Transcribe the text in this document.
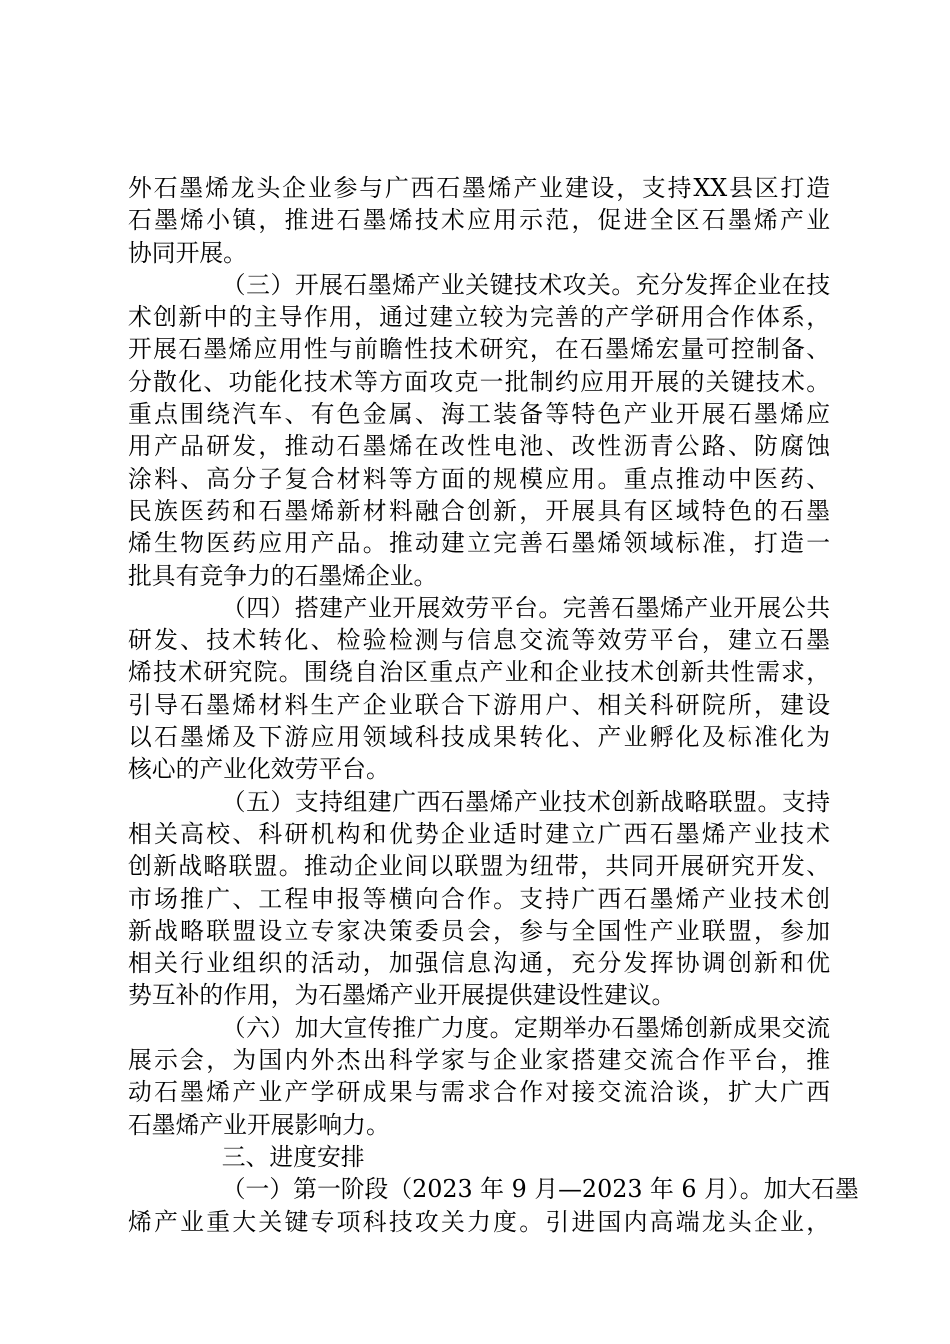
外石墨烯龙头企业参与广西石墨烯产业建设，支持XX县区打造
石墨烯小镇，推进石墨烯技术应用示范，促进全区石墨烯产业
协同开展。
（三）开展石墨烯产业关键技术攻关。充分发挥企业在技
术创新中的主导作用，通过建立较为完善的产学研用合作体系，
开展石墨烯应用性与前瞻性技术研究，在石墨烯宏量可控制备、
分散化、功能化技术等方面攻克一批制约应用开展的关键技术。
重点围绕汽车、有色金属、海工装备等特色产业开展石墨烯应
用产品研发，推动石墨烯在改性电池、改性沥青公路、防腐蚀
涂料、高分子复合材料等方面的规模应用。重点推动中医药、
民族医药和石墨烯新材料融合创新，开展具有区域特色的石墨
烯生物医药应用产品。推动建立完善石墨烯领域标准，打造一
批具有竞争力的石墨烯企业。
（四）搭建产业开展效劳平台。完善石墨烯产业开展公共
研发、技术转化、检验检测与信息交流等效劳平台，建立石墨
烯技术研究院。围绕自治区重点产业和企业技术创新共性需求，
引导石墨烯材料生产企业联合下游用户、相关科研院所，建设
以石墨烯及下游应用领域科技成果转化、产业孵化及标准化为
核心的产业化效劳平台。
（五）支持组建广西石墨烯产业技术创新战略联盟。支持
相关高校、科研机构和优势企业适时建立广西石墨烯产业技术
创新战略联盟。推动企业间以联盟为纽带，共同开展研究开发、
市场推广、工程申报等横向合作。支持广西石墨烯产业技术创
新战略联盟设立专家决策委员会，参与全国性产业联盟，参加
相关行业组织的活动，加强信息沟通，充分发挥协调创新和优
势互补的作用，为石墨烯产业开展提供建设性建议。
（六）加大宣传推广力度。定期举办石墨烯创新成果交流
展示会，为国内外杰出科学家与企业家搭建交流合作平台，推
动石墨烯产业产学研成果与需求合作对接交流洽谈，扩大广西
石墨烯产业开展影响力。
三、进度安排
（一）第一阶段（2023 年 9 月—2023 年 6 月）。加大石墨
烯产业重大关键专项科技攻关力度。引进国内高端龙头企业，
